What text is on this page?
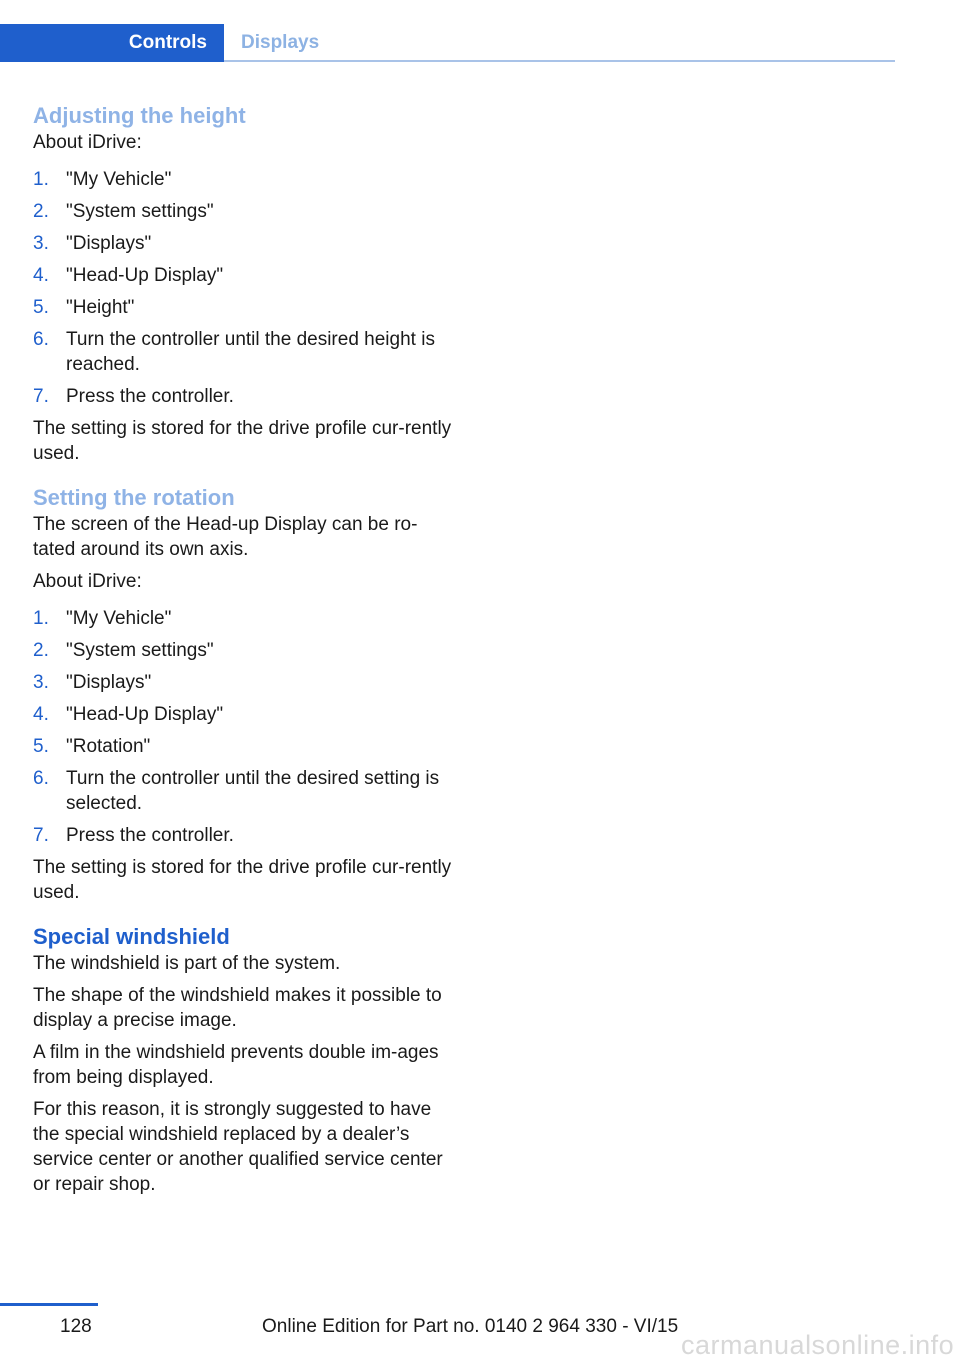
Controls	Displays
Adjusting the height

About iDrive:

1. "My Vehicle"
2. "System settings"
3. "Displays"
4. "Head-Up Display"
5. "Height"
6. Turn the controller until the desired height is reached.
7. Press the controller.

The setting is stored for the drive profile cur-rently used.

Setting the rotation

The screen of the Head-up Display can be ro-tated around its own axis.

About iDrive:

1. "My Vehicle"
2. "System settings"
3. "Displays"
4. "Head-Up Display"
5. "Rotation"
6. Turn the controller until the desired setting is selected.
7. Press the controller.

The setting is stored for the drive profile cur-rently used.

Special windshield

The windshield is part of the system.

The shape of the windshield makes it possible to display a precise image.

A film in the windshield prevents double im-ages from being displayed.

For this reason, it is strongly suggested to have the special windshield replaced by a dealer’s service center or another qualified service center or repair shop.

128	Online Edition for Part no. 0140 2 964 330 - VI/15
carmanualsonline.info
